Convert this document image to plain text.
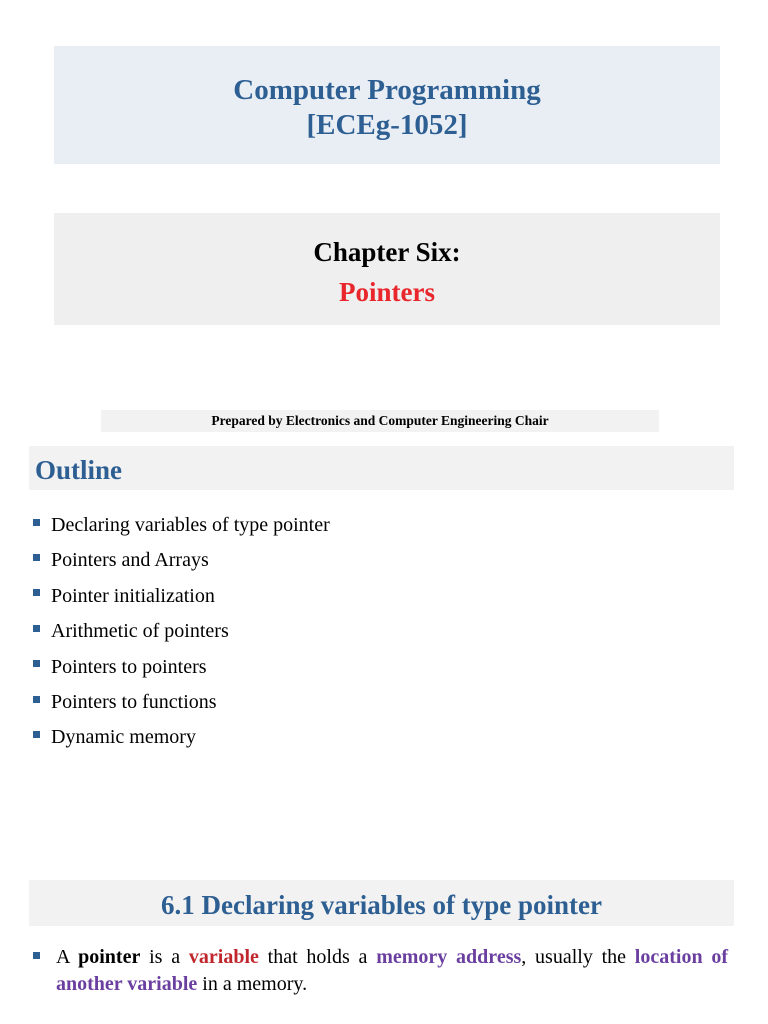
Computer Programming
[ECEg-1052]
Chapter Six:
Pointers
Prepared by Electronics and Computer Engineering Chair
Outline
Declaring variables of type pointer
Pointers and Arrays
Pointer initialization
Arithmetic of pointers
Pointers to pointers
Pointers to functions
Dynamic memory
6.1 Declaring variables of type pointer
A pointer is a variable that holds a memory address, usually the location of another variable in a memory.
